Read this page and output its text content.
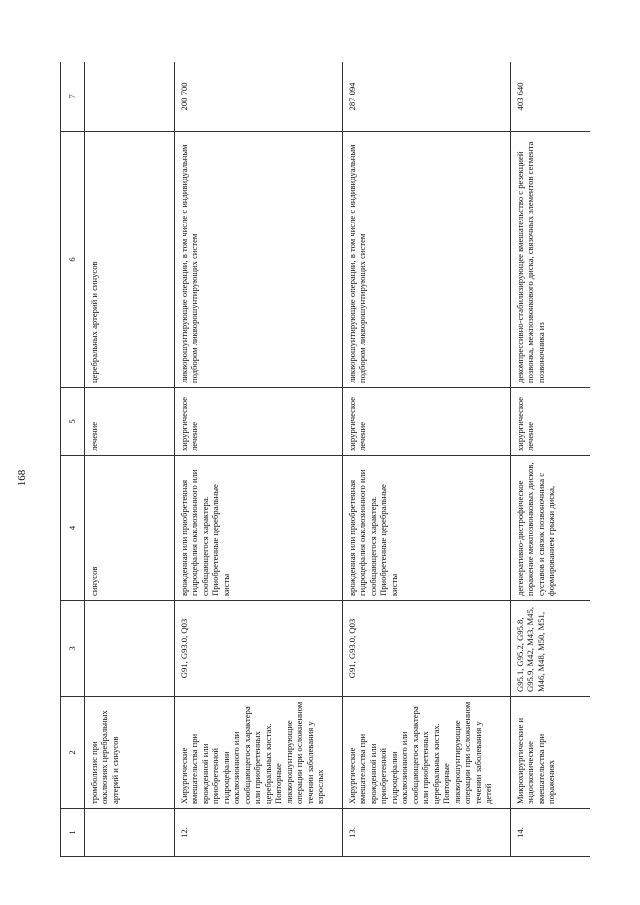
168
1	2	3	4	5	6	7
	тромболизис при окклюзиях церебральных артерий и синусов		синусов	лечение	церебральных артерий и синусов	
12.	Хирургические вмешательства при врожденной или приобретенной гидроцефалии окклюзионного или сообщающегося характера или приобретенных церебральных кистах. Повторные ликворошунтирующие операции при осложненном течении заболевания у взрослых	G91, G93.0, Q03	врожденная или приобретенная гидроцефалия окклюзионного или сообщающегося характера. Приобретенные церебральные кисты	хирургическое лечение	ликворошунтирующие операции, в том числе с индивидуальным подбором ликворошунтирующих систем	200 700
13.	Хирургические вмешательства при врожденной или приобретенной гидроцефалии окклюзионного или сообщающегося характера или приобретенных церебральных кистах. Повторные ликворошунтирующие операции при осложненном течении заболевания у детей	G91, G93.0, Q03	врожденная или приобретенная гидроцефалия окклюзионного или сообщающегося характера. Приобретенные церебральные кисты	хирургическое лечение	ликворошунтирующие операции, в том числе с индивидуальным подбором ликворошунтирующих систем	287 094
14.	Микрохирургические и эндоскопические вмешательства при поражениях	G95.1, G95.2, G95.8, G95.9, M42, M43, M45, M46, M48, M50, M51,	дегенеративно-дистрофическое поражение межпозвонковых дисков, суставов и связок позвоночника с формированием грыжи диска,	хирургическое лечение	декомпрессивно-стабилизирующее вмешательство с резекцией позвонка, межпозвонкового диска, связочных элементов сегмента позвоночника из	403 640
